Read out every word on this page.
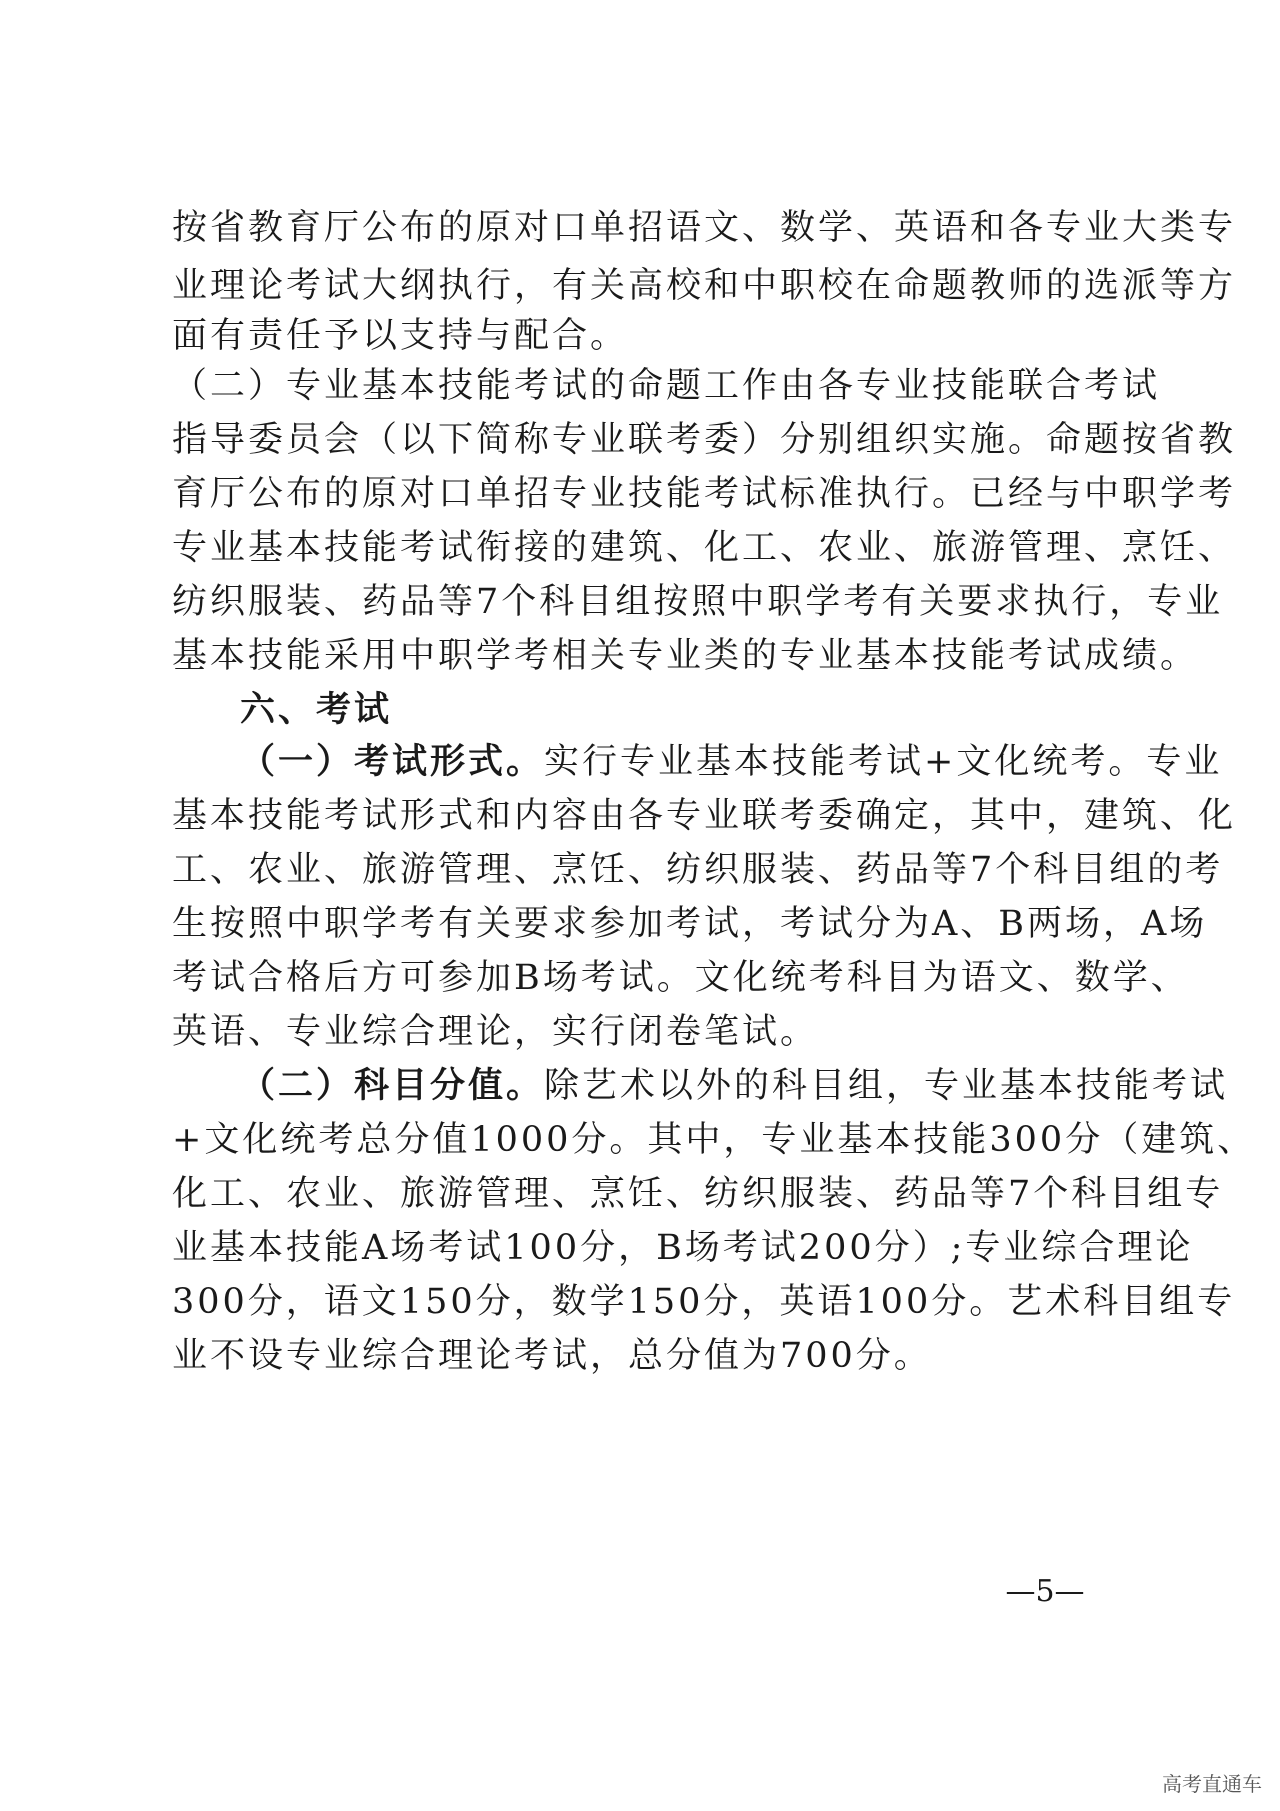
按省教育厅公布的原对口单招语文、数学、英语和各专业大类专
业理论考试大纲执行，有关高校和中职校在命题教师的选派等方
面有责任予以支持与配合。
（二）专业基本技能考试的命题工作由各专业技能联合考试
指导委员会（以下简称专业联考委）分别组织实施。命题按省教
育厅公布的原对口单招专业技能考试标准执行。已经与中职学考
专业基本技能考试衔接的建筑、化工、农业、旅游管理、烹饪、
纺织服装、药品等7个科目组按照中职学考有关要求执行，专业
基本技能采用中职学考相关专业类的专业基本技能考试成绩。
六、考试
（一）考试形式。实行专业基本技能考试+文化统考。专业
基本技能考试形式和内容由各专业联考委确定，其中，建筑、化
工、农业、旅游管理、烹饪、纺织服装、药品等7个科目组的考
生按照中职学考有关要求参加考试，考试分为A、B两场，A场
考试合格后方可参加B场考试。文化统考科目为语文、数学、
英语、专业综合理论，实行闭卷笔试。
（二）科目分值。除艺术以外的科目组，专业基本技能考试
+文化统考总分值1000分。其中，专业基本技能300分（建筑、
化工、农业、旅游管理、烹饪、纺织服装、药品等7个科目组专
业基本技能A场考试100分，B场考试200分）;专业综合理论
300分，语文150分，数学150分，英语100分。艺术科目组专
业不设专业综合理论考试，总分值为700分。
—5—
高考直通车
